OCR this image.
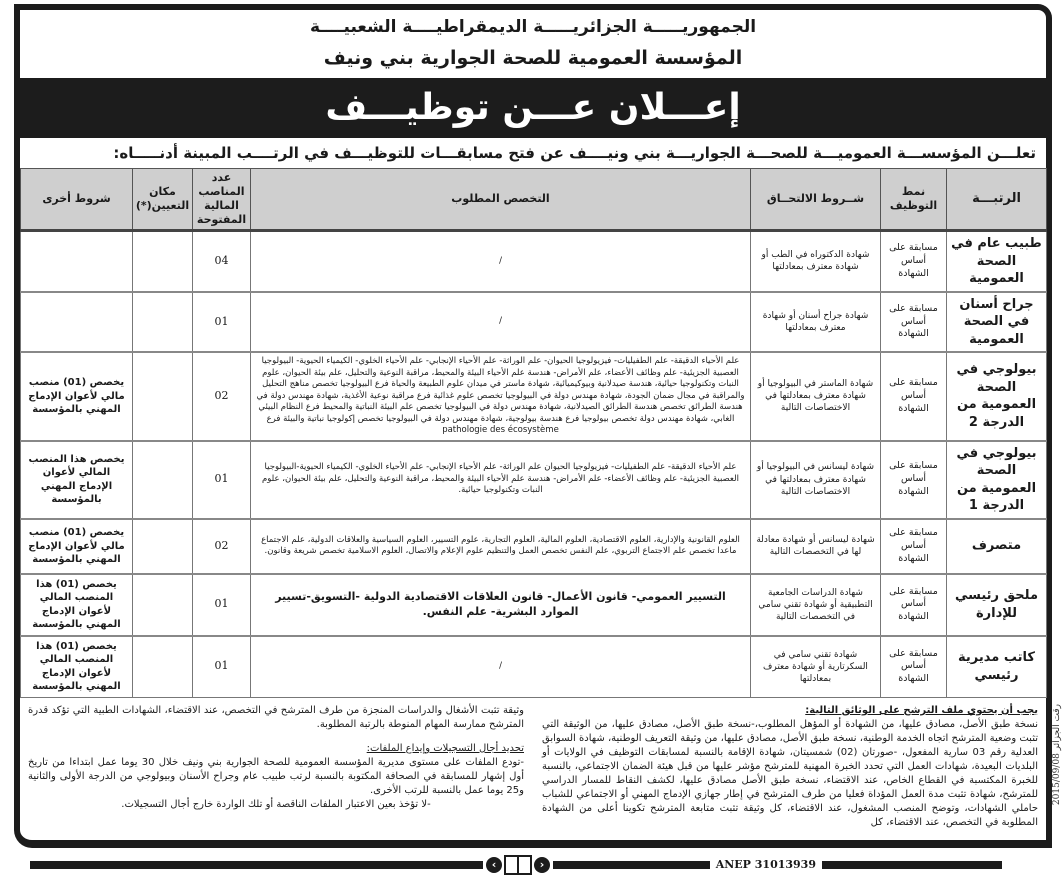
الجمهوريـــــة الجزائريـــــة الديمقراطيــــة الشعبيــــة
المؤسسة العمومية للصحة الجوارية بني ونيف
إعـــلان عـــن توظيـــف
تعلـــن المؤسســـة العموميـــة للصحـــة الجواريـــة بني ونيــــف عن فتح مسابقـــات للتوظيـــف في الرتــــب المبينة أدنـــــاه:
الرتبـــة	نمط التوظيف	شــروط الالتحــاق	التخصص المطلوب	عدد المناصب المالية المفتوحة	مكان التعيين(*)	شروط أخرى
طبيب عام في الصحة العمومية	مسابقة على أساس الشهادة	شهادة الدكتوراه في الطب أو شهادة معترف بمعادلتها	/	04		
جراح أسنان في الصحة العمومية	مسابقة على أساس الشهادة	شهادة جراح أسنان أو شهادة معترف بمعادلتها	/	01		
بيولوجي في الصحة العمومية من الدرجة 2	مسابقة على أساس الشهادة	شهادة الماستر في البيولوجيا أو شهادة معترف بمعادلتها في الاختصاصات التالية	علم الأحياء الدقيقة- علم الطفيليات- فيزيولوجيا الحيوان- علم الوراثة- علم الأحياء الإنجابي- علم الأحياء الخلوي- الكيمياء الحيوية- البيولوجيا العصبية الجزيئية- علم وظائف الأعضاء، علم الأمراض- هندسة علم الأحياء البيئة والمحيط، مراقبة النوعية والتحليل، علم بيئة الحيوان، علوم النبات وتكنولوجيا حيائية، هندسة صيدلانية وبيوكيميائية، شهادة ماستر في ميدان علوم الطبيعة والحياة فرع البيولوجيا تخصص مناهج التحليل والمراقبة في مجال ضمان الجودة، شهادة مهندس دولة في البيولوجيا تخصص علوم غذائية فرع مراقبة نوعية الأغذية، شهادة مهندس دولة في هندسة الطرائق تخصص هندسة الطرائق الصيدلانية، شهادة مهندس دولة في البيولوجيا تخصص علم البيئة النباتية والمحيط فرع النظام البيئي الغابي، شهادة مهندس دولة تخصص بيولوجيا فرع هندسة بيولوجية، شهادة مهندس دولة في البيولوجيا تخصص إكولوجيا نباتية والبيئة فرع pathologie des écosystème	02		يخصص (01) منصب مالي لأعوان الإدماج المهني بالمؤسسة
بيولوجي في الصحة العمومية من الدرجة 1	مسابقة على أساس الشهادة	شهادة ليسانس في البيولوجيا أو شهادة معترف بمعادلتها في الاختصاصات التالية	علم الأحياء الدقيقة- علم الطفيليات- فيزيولوجيا الحيوان علم الوراثة- علم الأحياء الإنجابي- علم الأحياء الخلوي- الكيمياء الحيوية-البيولوجيا العصبية الجزيئية- علم وظائف الأعضاء- علم الأمراض- هندسة علم الأحياء البيئة والمحيط، مراقبة النوعية والتحليل، علم بيئة الحيوان، علوم النبات وتكنولوجيا حيائية.	01		يخصص هذا المنصب المالي لأعوان الإدماج المهني بالمؤسسة
متصرف	مسابقة على أساس الشهادة	شهادة ليسانس أو شهادة معادلة لها في التخصصات التالية	العلوم القانونية والإدارية، العلوم الاقتصادية، العلوم المالية، العلوم التجارية، علوم التسيير، العلوم السياسية والعلاقات الدولية، علم الاجتماع ماعدا تخصص علم الاجتماع التربوي، علم النفس تخصص العمل والتنظيم علوم الإعلام والاتصال، العلوم الاسلامية تخصص شريعة وقانون.	02		يخصص (01) منصب مالي لأعوان الإدماج المهني بالمؤسسة
ملحق رئيسي للإدارة	مسابقة على أساس الشهادة	شهادة الدراسات الجامعية التطبيقية أو شهادة تقني سامي في التخصصات التالية	التسيير العمومي- قانون الأعمال- قانون العلاقات الاقتصادية الدولية -التسويق-تسيير الموارد البشرية- علم النفس.	01		يخصص (01) هذا المنصب المالي لأعوان الإدماج المهني بالمؤسسة
كاتب مديرية رئيسي	مسابقة على أساس الشهادة	شهادة تقني سامي في السكرتارية أو شهادة معترف بمعادلتها	/	01		يخصص (01) هذا المنصب المالي لأعوان الإدماج المهني بالمؤسسة
يجب أن يحتوي ملف الترشح على الوثائق التالية:
نسخة طبق الأصل، مصادق عليها، من الشهادة أو المؤهل المطلوب،-نسخة طبق الأصل، مصادق عليها، من الوثيقة التي تثبت وضعية المترشح اتجاه الخدمة الوطنية، نسخة طبق الأصل، مصادق عليها، من وثيقة التعريف الوطنية، شهادة السوابق العدلية رقم 03 سارية المفعول، -صورتان (02) شمسيتان، شهادة الإقامة بالنسبة لمسابقات التوظيف في الولايات أو البلديات البعيدة، شهادات العمل التي تحدد الخبرة المهنية للمترشح مؤشر عليها من قبل هيئة الضمان الاجتماعي، بالنسبة للخبرة المكتسبة في القطاع الخاص، عند الاقتضاء، نسخة طبق الأصل مصادق عليها، لكشف النقاط للمسار الدراسي للمترشح، شهادة تثبت مدة العمل المؤداة فعليا من طرف المترشح في إطار جهازي الإدماج المهني أو الاجتماعي للشباب حاملي الشهادات، وتوضح المنصب المشغول، عند الاقتضاء، كل وثيقة تثبت متابعة المترشح تكوينا أعلى من الشهادة المطلوبة في التخصص، عند الاقتضاء، كل
وثيقة تثبت الأشغال والدراسات المنجزة من طرف المترشح في التخصص، عند الاقتضاء، الشهادات الطبية التي تؤكد قدرة المترشح ممارسة المهام المنوطة بالرتبة المطلوبة.
تحديد أجال التسجيلات وإيداع الملفات:
-تودع الملفات على مستوى مديرية المؤسسة العمومية للصحة الجوارية بني ونيف خلال 30 يوما عمل ابتداءا من تاريخ أول إشهار للمسابقة في الصحافة المكتوبة بالنسبة لرتب طبيب عام وجراح الأسنان وبيولوجي من الدرجة الأولى والثانية و25 يوما عمل بالنسبة للرتب الأخرى.
-لا تؤخذ بعين الاعتبار الملفات الناقصة أو تلك الواردة خارج أجال التسجيلات.
‹	›	ANEP 31013939
رقت الجزائر 2015/09/08
